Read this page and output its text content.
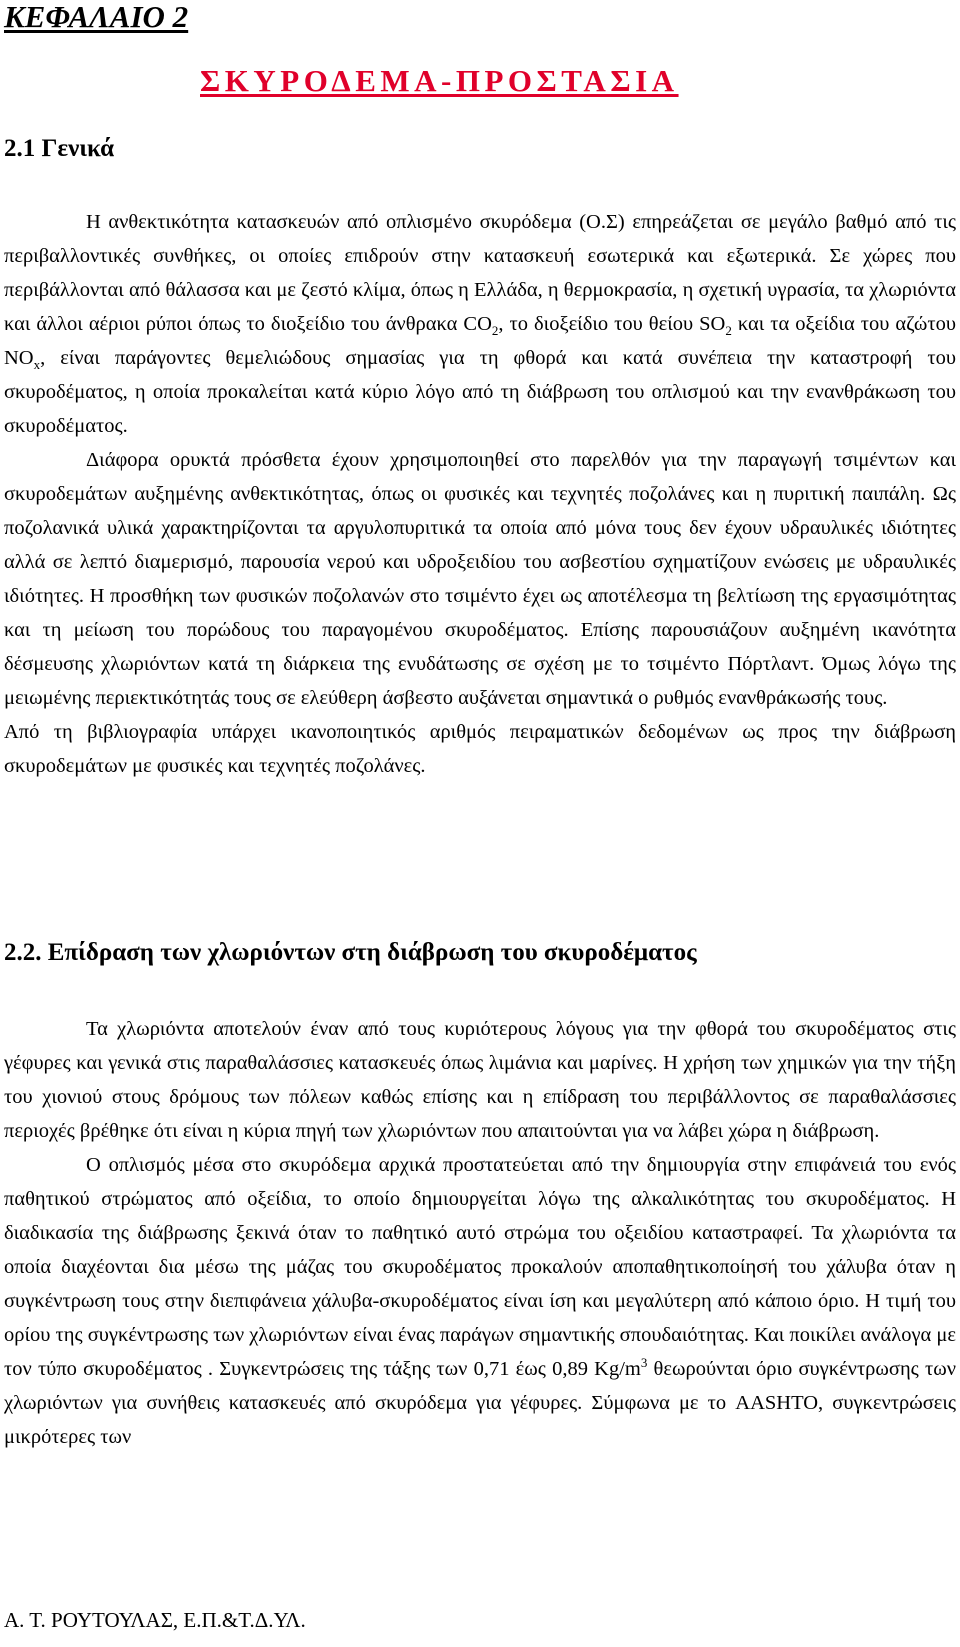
ΚΕΦΑΛΑΙΟ 2
ΣΚΥΡΟΔΕΜΑ-ΠΡΟΣΤΑΣΙΑ
2.1 Γενικά

Η ανθεκτικότητα κατασκευών από οπλισμένο σκυρόδεμα (Ο.Σ) επηρεάζεται σε μεγάλο βαθμό από τις περιβαλλοντικές συνθήκες, οι οποίες επιδρούν στην κατασκευή εσωτερικά και εξωτερικά. Σε χώρες που περιβάλλονται από θάλασσα και με ζεστό κλίμα, όπως η Ελλάδα, η θερμοκρασία, η σχετική υγρασία, τα χλωριόντα και άλλοι αέριοι ρύποι όπως το διοξείδιο του άνθρακα $CO_2$, το διοξείδιο του θείου $SO_2$ και τα οξείδια του αζώτου $NO_x$, είναι παράγοντες θεμελιώδους σημασίας για τη φθορά και κατά συνέπεια την καταστροφή του σκυροδέματος, η οποία προκαλείται κατά κύριο λόγο από τη διάβρωση του οπλισμού και την ενανθράκωση του σκυροδέματος.

Διάφορα ορυκτά πρόσθετα έχουν χρησιμοποιηθεί στο παρελθόν για την παραγωγή τσιμέντων και σκυροδεμάτων αυξημένης ανθεκτικότητας, όπως οι φυσικές και τεχνητές ποζολάνες και η πυριτική παιπάλη. Ως ποζολανικά υλικά χαρακτηρίζονται τα αργυλοπυριτικά τα οποία από μόνα τους δεν έχουν υδραυλικές ιδιότητες αλλά σε λεπτό διαμερισμό, παρουσία νερού και υδροξειδίου του ασβεστίου σχηματίζουν ενώσεις με υδραυλικές ιδιότητες. Η προσθήκη των φυσικών ποζολανών στο τσιμέντο έχει ως αποτέλεσμα τη βελτίωση της εργασιμότητας και τη μείωση του πορώδους του παραγομένου σκυροδέματος. Επίσης παρουσιάζουν αυξημένη ικανότητα δέσμευσης χλωριόντων κατά τη διάρκεια της ενυδάτωσης σε σχέση με το τσιμέντο Πόρτλαντ. Όμως λόγω της μειωμένης περιεκτικότητάς τους σε ελεύθερη άσβεστο αυξάνεται σημαντικά ο ρυθμός ενανθράκωσής τους.

Από τη βιβλιογραφία υπάρχει ικανοποιητικός αριθμός πειραματικών δεδομένων ως προς την διάβρωση σκυροδεμάτων με φυσικές και τεχνητές ποζολάνες.

2.2. Επίδραση των χλωριόντων στη διάβρωση του σκυροδέματος

Τα χλωριόντα αποτελούν έναν από τους κυριότερους λόγους για την φθορά του σκυροδέματος στις γέφυρες και γενικά στις παραθαλάσσιες κατασκευές όπως λιμάνια και μαρίνες. Η χρήση των χημικών για την τήξη του χιονιού στους δρόμους των πόλεων καθώς επίσης και η επίδραση του περιβάλλοντος σε παραθαλάσσιες περιοχές βρέθηκε ότι είναι η κύρια πηγή των χλωριόντων που απαιτούνται για να λάβει χώρα η διάβρωση.

Ο οπλισμός μέσα στο σκυρόδεμα αρχικά προστατεύεται από την δημιουργία στην επιφάνειά του ενός παθητικού στρώματος από οξείδια, το οποίο δημιουργείται λόγω της αλκαλικότητας του σκυροδέματος. Η διαδικασία της διάβρωσης ξεκινά όταν το παθητικό αυτό στρώμα του οξειδίου καταστραφεί. Τα χλωριόντα τα οποία διαχέονται δια μέσω της μάζας του σκυροδέματος προκαλούν αποπαθητικοποίησή του χάλυβα όταν η συγκέντρωση τους στην διεπιφάνεια χάλυβα-σκυροδέματος είναι ίση και μεγαλύτερη από κάποιο όριο. Η τιμή του ορίου της συγκέντρωσης των χλωριόντων είναι ένας παράγων σημαντικής σπουδαιότητας. Και ποικίλει ανάλογα με τον τύπο σκυροδέματος . Συγκεντρώσεις της τάξης των 0,71 έως 0,89 $Kg/m^3$ θεωρούνται όριο συγκέντρωσης των χλωριόντων για συνήθεις κατασκευές από σκυρόδεμα για γέφυρες. Σύμφωνα με το AASHTO, συγκεντρώσεις μικρότερες των

Α. Τ. ΡΟΥΤΟΥΛΑΣ, Ε.Π.&Τ.Δ.ΥΛ.
